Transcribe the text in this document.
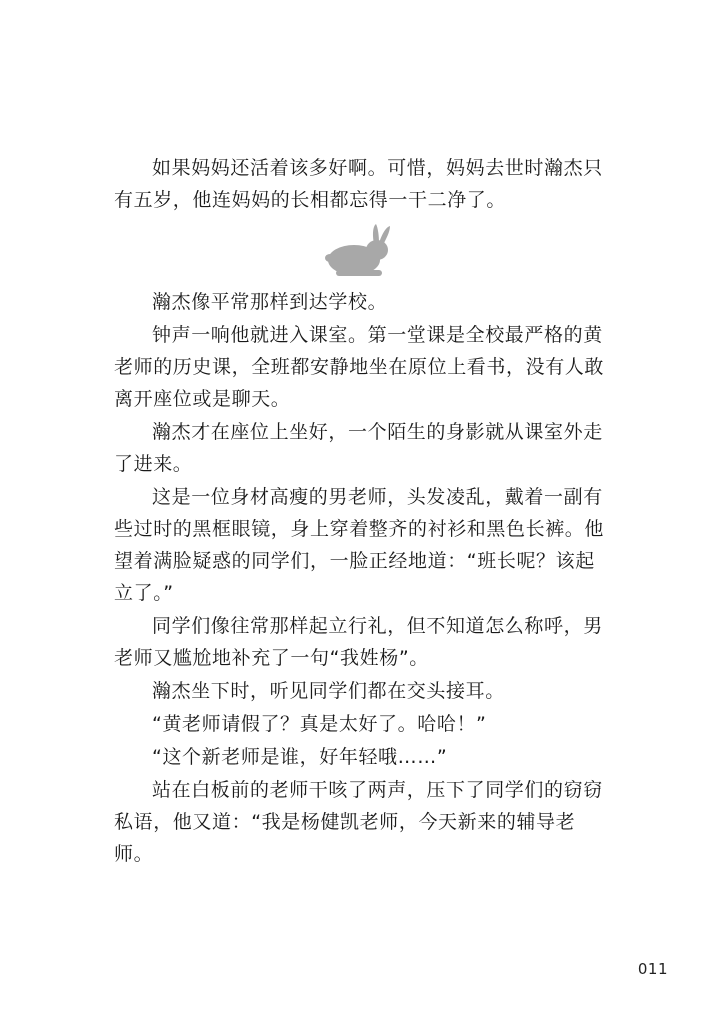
如果妈妈还活着该多好啊。可惜，妈妈去世时瀚杰只有五岁，他连妈妈的长相都忘得一干二净了。

瀚杰像平常那样到达学校。

钟声一响他就进入课室。第一堂课是全校最严格的黄老师的历史课，全班都安静地坐在原位上看书，没有人敢离开座位或是聊天。

瀚杰才在座位上坐好，一个陌生的身影就从课室外走了进来。

这是一位身材高瘦的男老师，头发凌乱，戴着一副有些过时的黑框眼镜，身上穿着整齐的衬衫和黑色长裤。他望着满脸疑惑的同学们，一脸正经地道：“班长呢？该起立了。”

同学们像往常那样起立行礼，但不知道怎么称呼，男老师又尴尬地补充了一句“我姓杨”。

瀚杰坐下时，听见同学们都在交头接耳。

“黄老师请假了？真是太好了。哈哈！”

“这个新老师是谁，好年轻哦……”

站在白板前的老师干咳了两声，压下了同学们的窃窃私语，他又道：“我是杨健凯老师，今天新来的辅导老师。

011
